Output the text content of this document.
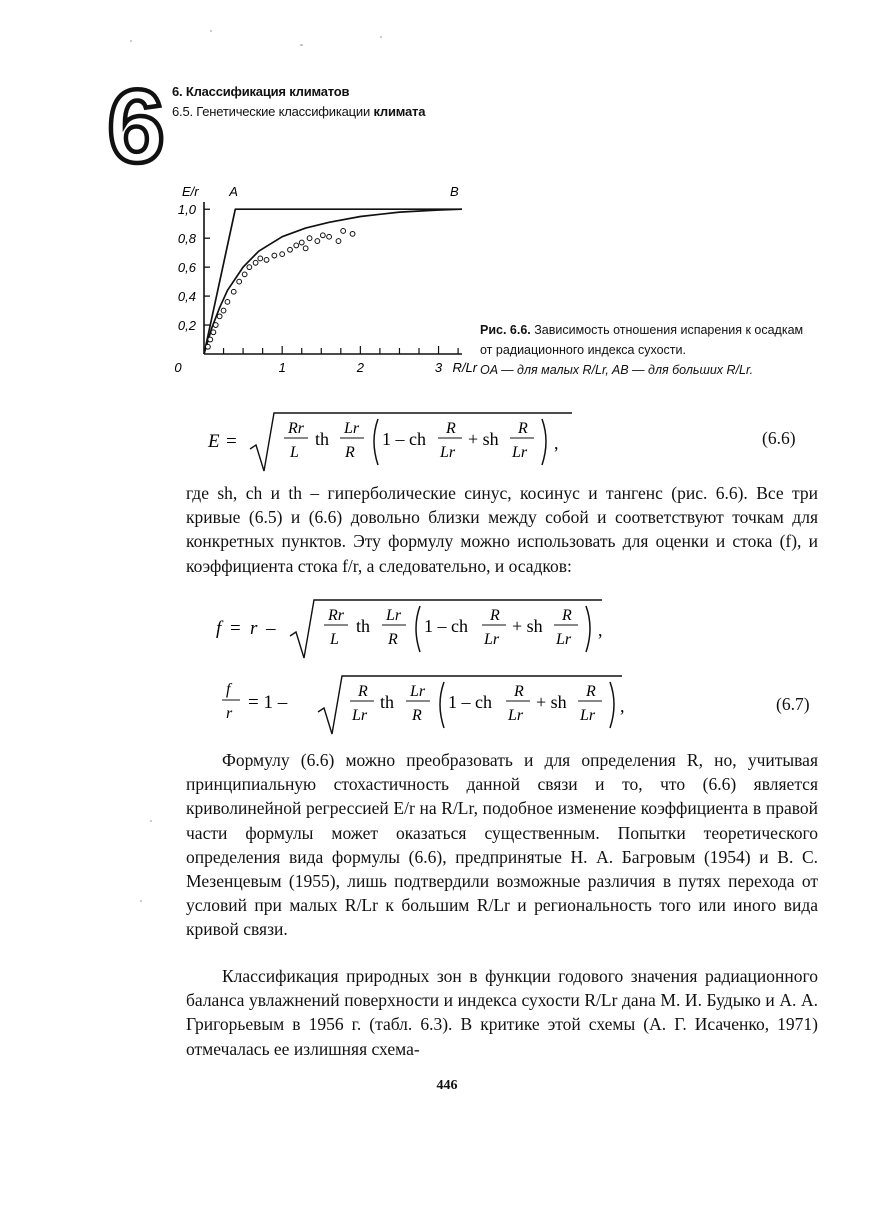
6 6. Классификация климатов
6.5. Генетические классификации климата
0,2
0,4
0,6
0,8
1,0
0	1	2	3
E/r
R/Lr
A	B
Рис. 6.6. Зависимость отношения испарения к осадкам от радиационного индекса сухости.
OA — для малых R/Lr, AB — для больших R/Lr.
E =
Rr
L
th
Lr
R
1 – ch
R
Lr
+ sh
R
Lr ,	(6.6)
где sh, ch и th – гиперболические синус, косинус и тангенс (рис. 6.6). Все три кривые (6.5) и (6.6) довольно близки между собой и соответствуют точкам для конкретных пунктов. Эту формулу можно использовать для оценки и стока (f), и коэффициента стока f/r, а следовательно, и осадков:
f = r –
Rr
L
th
Lr
R
1 – ch
R
Lr
+ sh
R
Lr ,
f
r
= 1 –
R
Lr
th
Lr
R
1 – ch
R
Lr
+ sh
R
Lr ,	(6.7)
Формулу (6.6) можно преобразовать и для определения R, но, учитывая принципиальную стохастичность данной связи и то, что (6.6) является криволинейной регрессией E/r на R/Lr, подобное изменение коэффициента в правой части формулы может оказаться существенным. Попытки теоретического определения вида формулы (6.6), предпринятые Н. А. Багровым (1954) и В. С. Мезенцевым (1955), лишь подтвердили возможные различия в путях перехода от условий при малых R/Lr к большим R/Lr и региональность того или иного вида кривой связи.
Классификация природных зон в функции годового значения радиационного баланса увлажнений поверхности и индекса сухости R/Lr дана М. И. Будыко и А. А. Григорьевым в 1956 г. (табл. 6.3). В критике этой схемы (А. Г. Исаченко, 1971) отмечалась ее излишняя схема-
446
